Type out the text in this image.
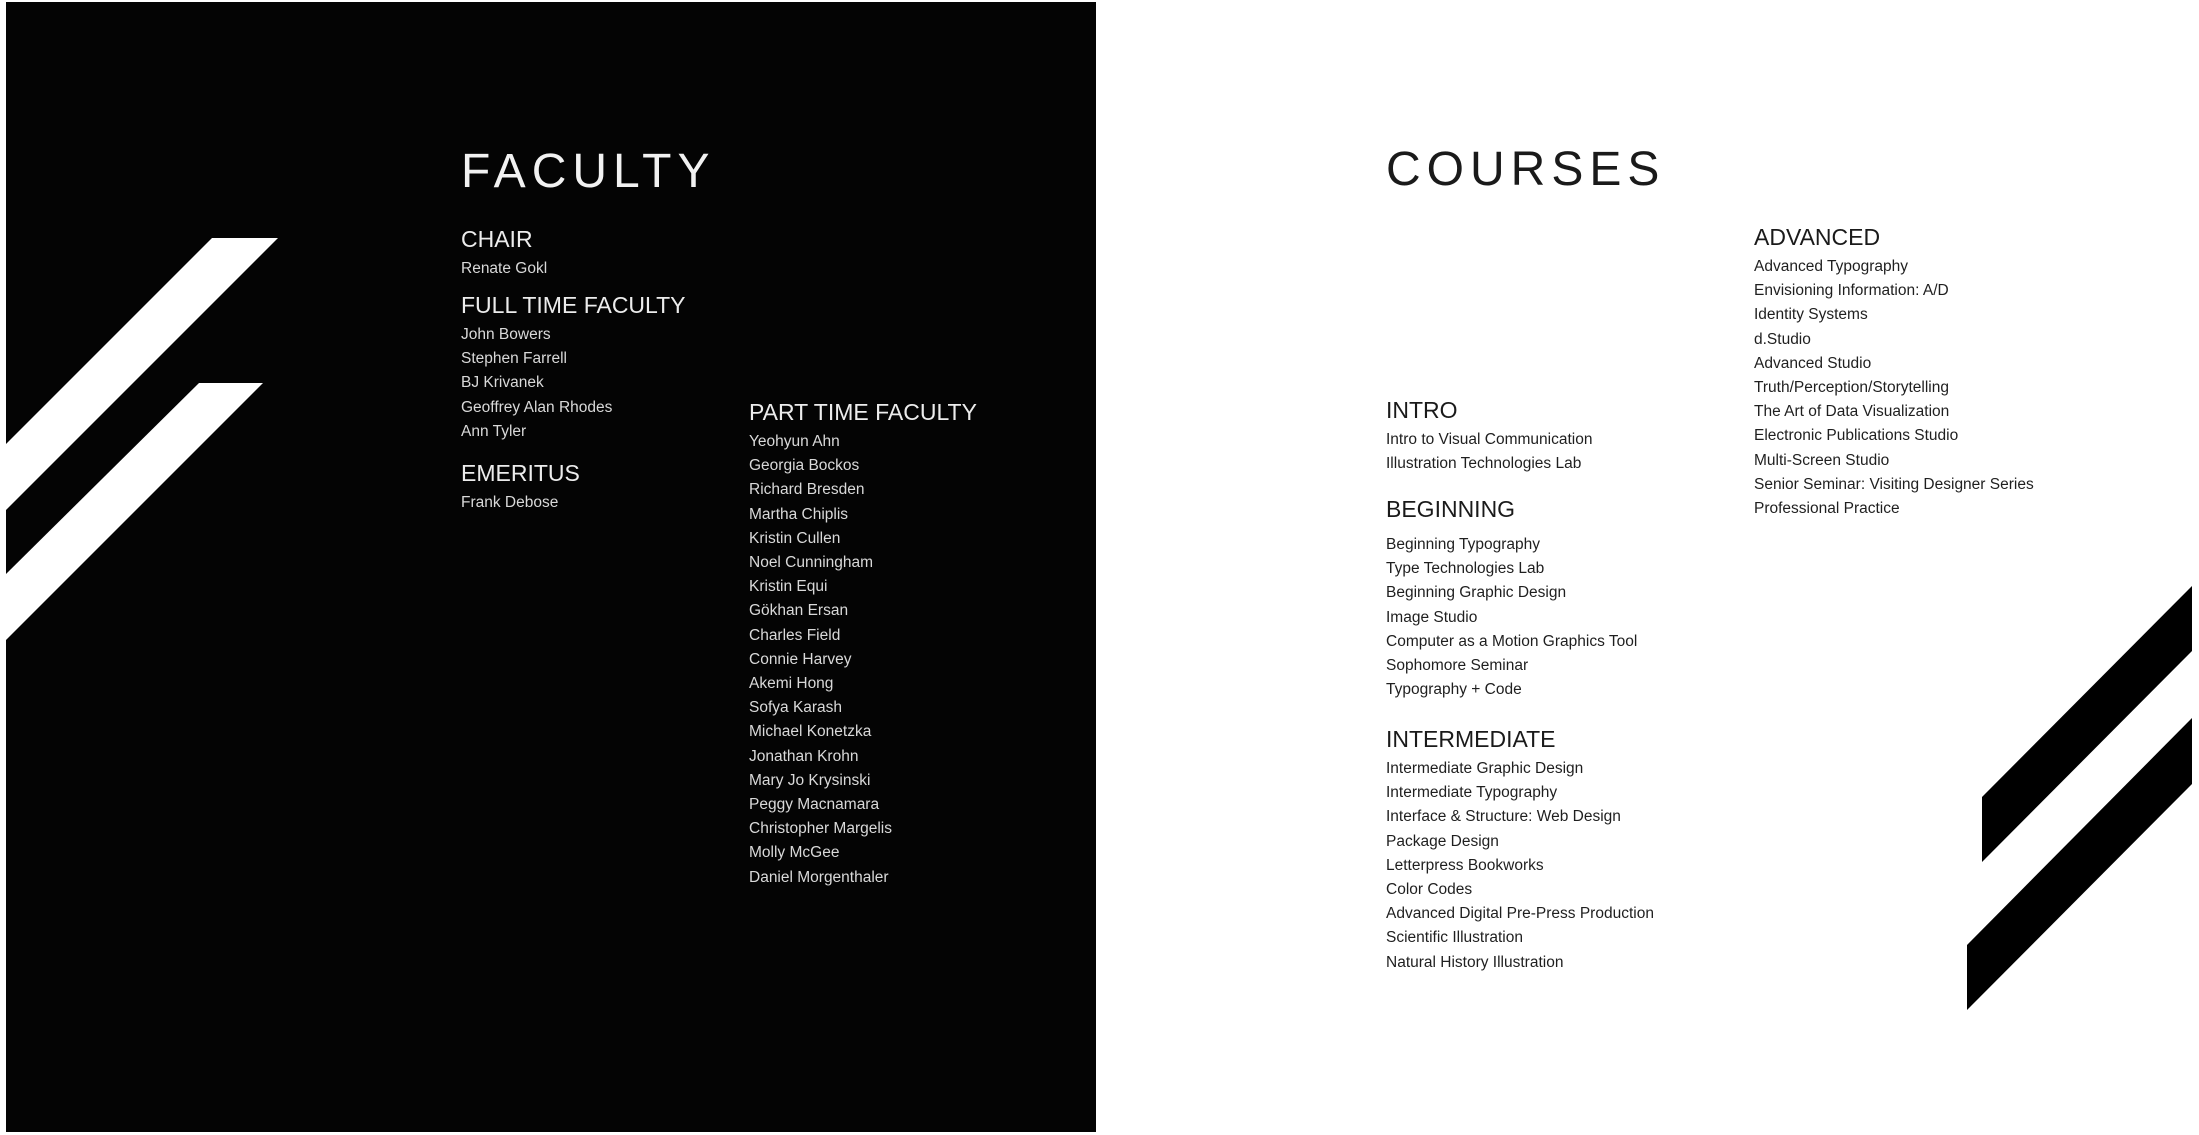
FACULTY
CHAIR
Renate Gokl
FULL TIME FACULTY
John Bowers
Stephen Farrell
BJ Krivanek
Geoffrey Alan Rhodes
Ann Tyler
EMERITUS
Frank Debose
PART TIME FACULTY
Yeohyun Ahn
Georgia Bockos
Richard Bresden
Martha Chiplis
Kristin Cullen
Noel Cunningham
Kristin Equi
Gökhan Ersan
Charles Field
Connie Harvey
Akemi Hong
Sofya Karash
Michael Konetzka
Jonathan Krohn
Mary Jo Krysinski
Peggy Macnamara
Christopher Margelis
Molly McGee
Daniel Morgenthaler
COURSES
INTRO
Intro to Visual Communication
Illustration Technologies Lab
BEGINNING
Beginning Typography
Type Technologies Lab
Beginning Graphic Design
Image Studio
Computer as a Motion Graphics Tool
Sophomore Seminar
Typography + Code
INTERMEDIATE
Intermediate Graphic Design
Intermediate Typography
Interface & Structure: Web Design
Package Design
Letterpress Bookworks
Color Codes
Advanced Digital Pre-Press Production
Scientific Illustration
Natural History Illustration
ADVANCED
Advanced Typography
Envisioning Information: A/D
Identity Systems
d.Studio
Advanced Studio
Truth/Perception/Storytelling
The Art of Data Visualization
Electronic Publications Studio
Multi-Screen Studio
Senior Seminar: Visiting Designer Series
Professional Practice
